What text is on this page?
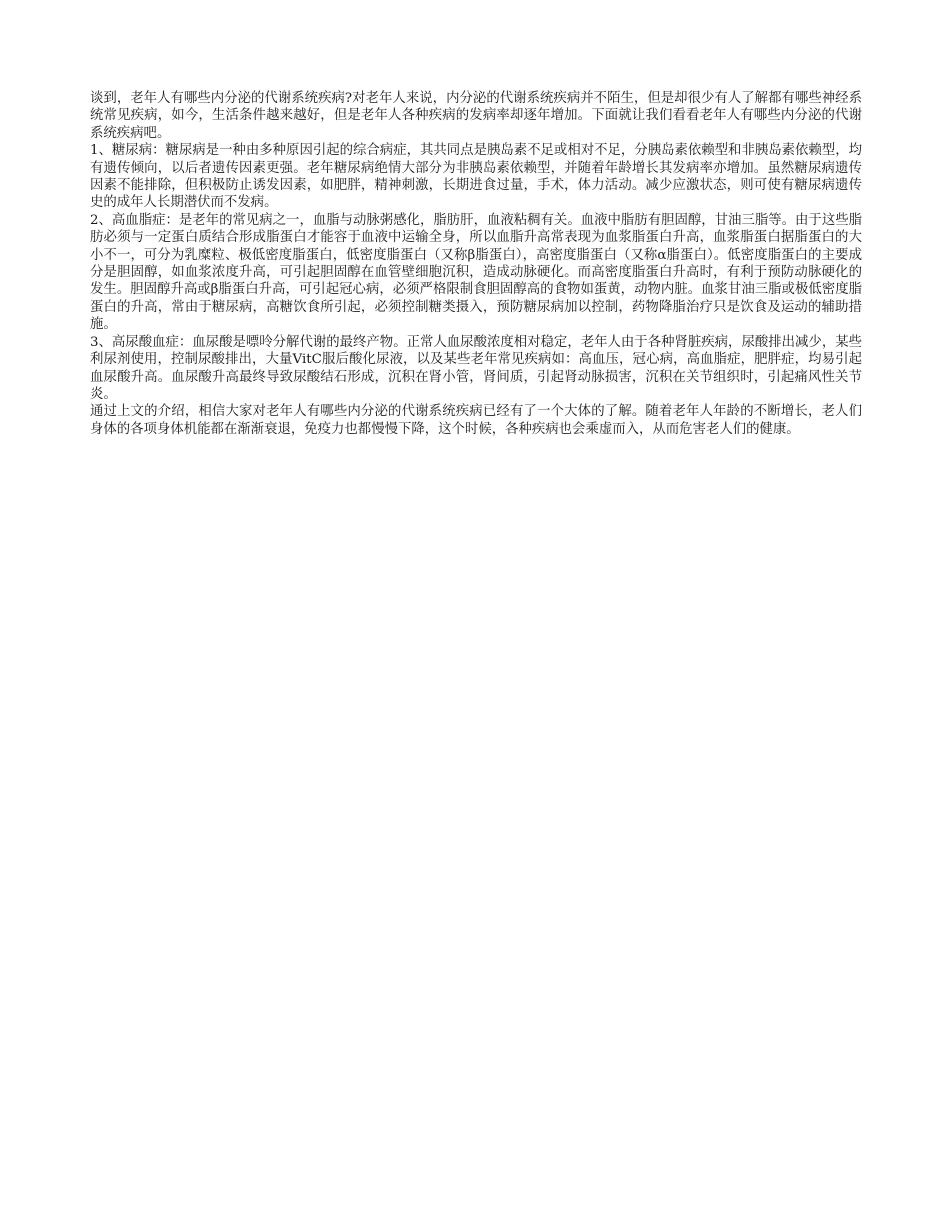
谈到，老年人有哪些内分泌的代谢系统疾病?对老年人来说，内分泌的代谢系统疾病并不陌生，但是却很少有人了解都有哪些神经系统常见疾病，如今，生活条件越来越好，但是老年人各种疾病的发病率却逐年增加。下面就让我们看看老年人有哪些内分泌的代谢系统疾病吧。

1、糖尿病：糖尿病是一种由多种原因引起的综合病症，其共同点是胰岛素不足或相对不足，分胰岛素依赖型和非胰岛素依赖型，均有遗传倾向，以后者遗传因素更强。老年糖尿病绝情大部分为非胰岛素依赖型，并随着年龄增长其发病率亦增加。虽然糖尿病遗传因素不能排除，但积极防止诱发因素，如肥胖，精神刺激，长期进食过量，手术，体力活动。减少应激状态，则可使有糖尿病遗传史的成年人长期潜伏而不发病。

2、高血脂症：是老年的常见病之一，血脂与动脉粥感化，脂肪肝，血液粘稠有关。血液中脂肪有胆固醇，甘油三脂等。由于这些脂肪必须与一定蛋白质结合形成脂蛋白才能容于血液中运输全身，所以血脂升高常表现为血浆脂蛋白升高，血浆脂蛋白据脂蛋白的大小不一，可分为乳糜粒、极低密度脂蛋白，低密度脂蛋白（又称β脂蛋白），高密度脂蛋白（又称α脂蛋白）。低密度脂蛋白的主要成分是胆固醇，如血浆浓度升高，可引起胆固醇在血管壁细胞沉积，造成动脉硬化。而高密度脂蛋白升高时，有利于预防动脉硬化的发生。胆固醇升高或β脂蛋白升高，可引起冠心病，必须严格限制食胆固醇高的食物如蛋黄，动物内脏。血浆甘油三脂或极低密度脂蛋白的升高，常由于糖尿病，高糖饮食所引起，必须控制糖类摄入，预防糖尿病加以控制，药物降脂治疗只是饮食及运动的辅助措施。

3、高尿酸血症：血尿酸是嘌呤分解代谢的最终产物。正常人血尿酸浓度相对稳定，老年人由于各种肾脏疾病，尿酸排出减少，某些利尿剂使用，控制尿酸排出，大量VitC服后酸化尿液，以及某些老年常见疾病如：高血压，冠心病，高血脂症，肥胖症，均易引起血尿酸升高。血尿酸升高最终导致尿酸结石形成，沉积在肾小管，肾间质，引起肾动脉损害，沉积在关节组织时，引起痛风性关节炎。

通过上文的介绍，相信大家对老年人有哪些内分泌的代谢系统疾病已经有了一个大体的了解。随着老年人年龄的不断增长，老人们身体的各项身体机能都在渐渐衰退，免疫力也都慢慢下降，这个时候，各种疾病也会乘虚而入，从而危害老人们的健康。
